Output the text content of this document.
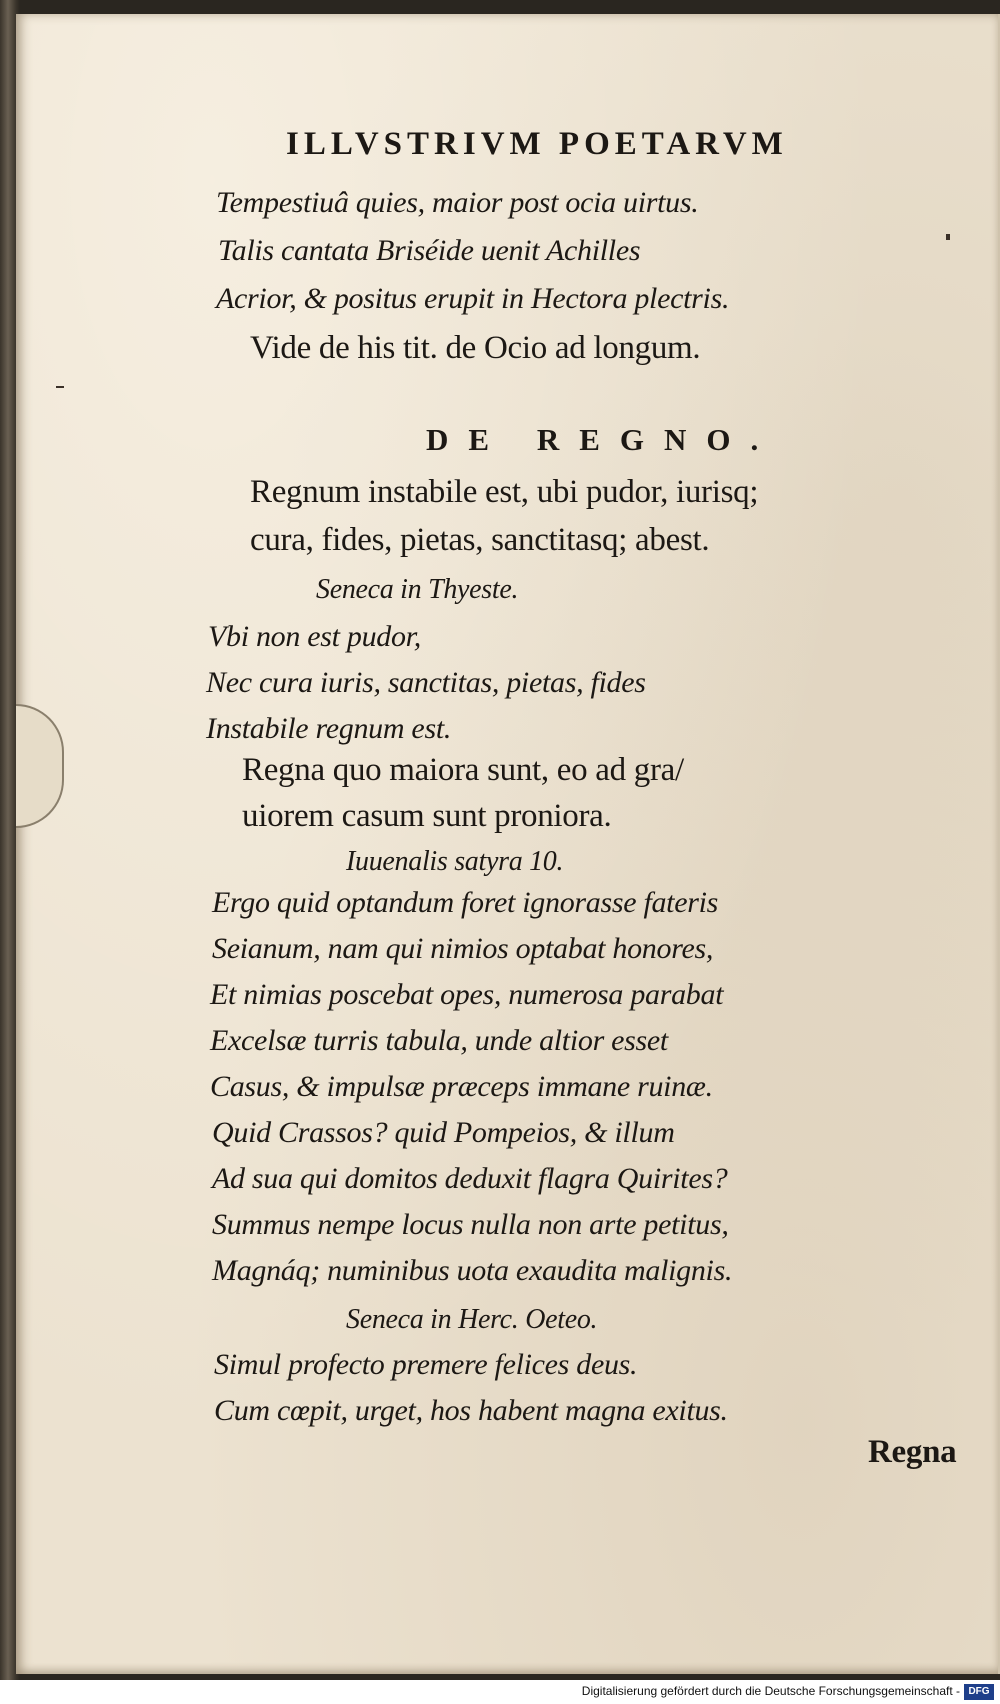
ILLVSTRIVM POETARVM
Tempestiuâ quies, maior post ocia uirtus.
Talis cantata Briséide uenit Achilles
Acrior, & positus erupit in Hectora plectris.
Vide de his tit. de Ocio ad longum.
DE REGNO.
Regnum instabile est, ubi pudor, iurisq;
cura, fides, pietas, sanctitasq; abest.
Seneca in Thyeste.
Vbi non est pudor,
Nec cura iuris, sanctitas, pietas, fides
Instabile regnum est.
Regna quo maiora sunt, eo ad gra/
uiorem casum sunt proniora.
Iuuenalis satyra 10.
Ergo quid optandum foret ignorasse fateris
Seianum, nam qui nimios optabat honores,
Et nimias poscebat opes, numerosa parabat
Excelsæ turris tabula, unde altior esset
Casus, & impulsæ præceps immane ruinæ.
Quid Crassos? quid Pompeios, & illum
Ad sua qui domitos deduxit flagra Quirites?
Summus nempe locus nulla non arte petitus,
Magnáq; numinibus uota exaudita malignis.
Seneca in Herc. Oeteo.
Simul profecto premere felices deus.
Cum cœpit, urget, hos habent magna exitus.
Regna
Digitalisierung gefördert durch die Deutsche Forschungsgemeinschaft - DFG
